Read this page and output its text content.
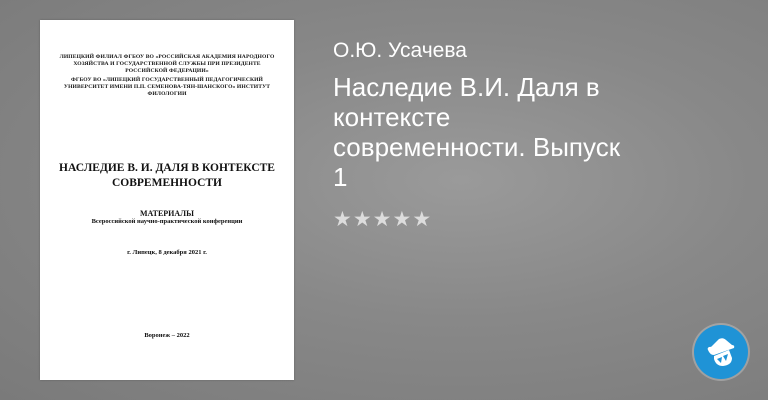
ЛИПЕЦКИЙ ФИЛИАЛ ФГБОУ ВО «РОССИЙСКАЯ АКАДЕМИЯ НАРОДНОГО ХОЗЯЙСТВА И ГОСУДАРСТВЕННОЙ СЛУЖБЫ ПРИ ПРЕЗИДЕНТЕ РОССИЙСКОЙ ФЕДЕРАЦИИ»
ФГБОУ ВО «ЛИПЕЦКИЙ ГОСУДАРСТВЕННЫЙ ПЕДАГОГИЧЕСКИЙ УНИВЕРСИТЕТ ИМЕНИ П.П. СЕМЕНОВА-ТЯН-ШАНСКОГО» ИНСТИТУТ ФИЛОЛОГИИ
НАСЛЕДИЕ В. И. ДАЛЯ В КОНТЕКСТЕ СОВРЕМЕННОСТИ
МАТЕРИАЛЫ
Всероссийской научно-практической конференции
г. Липецк, 8 декабря 2021 г.
Воронеж – 2022
О.Ю. Усачева
Наследие В.И. Даля в контексте современности. Выпуск 1
★ ★ ★ ★ ★
